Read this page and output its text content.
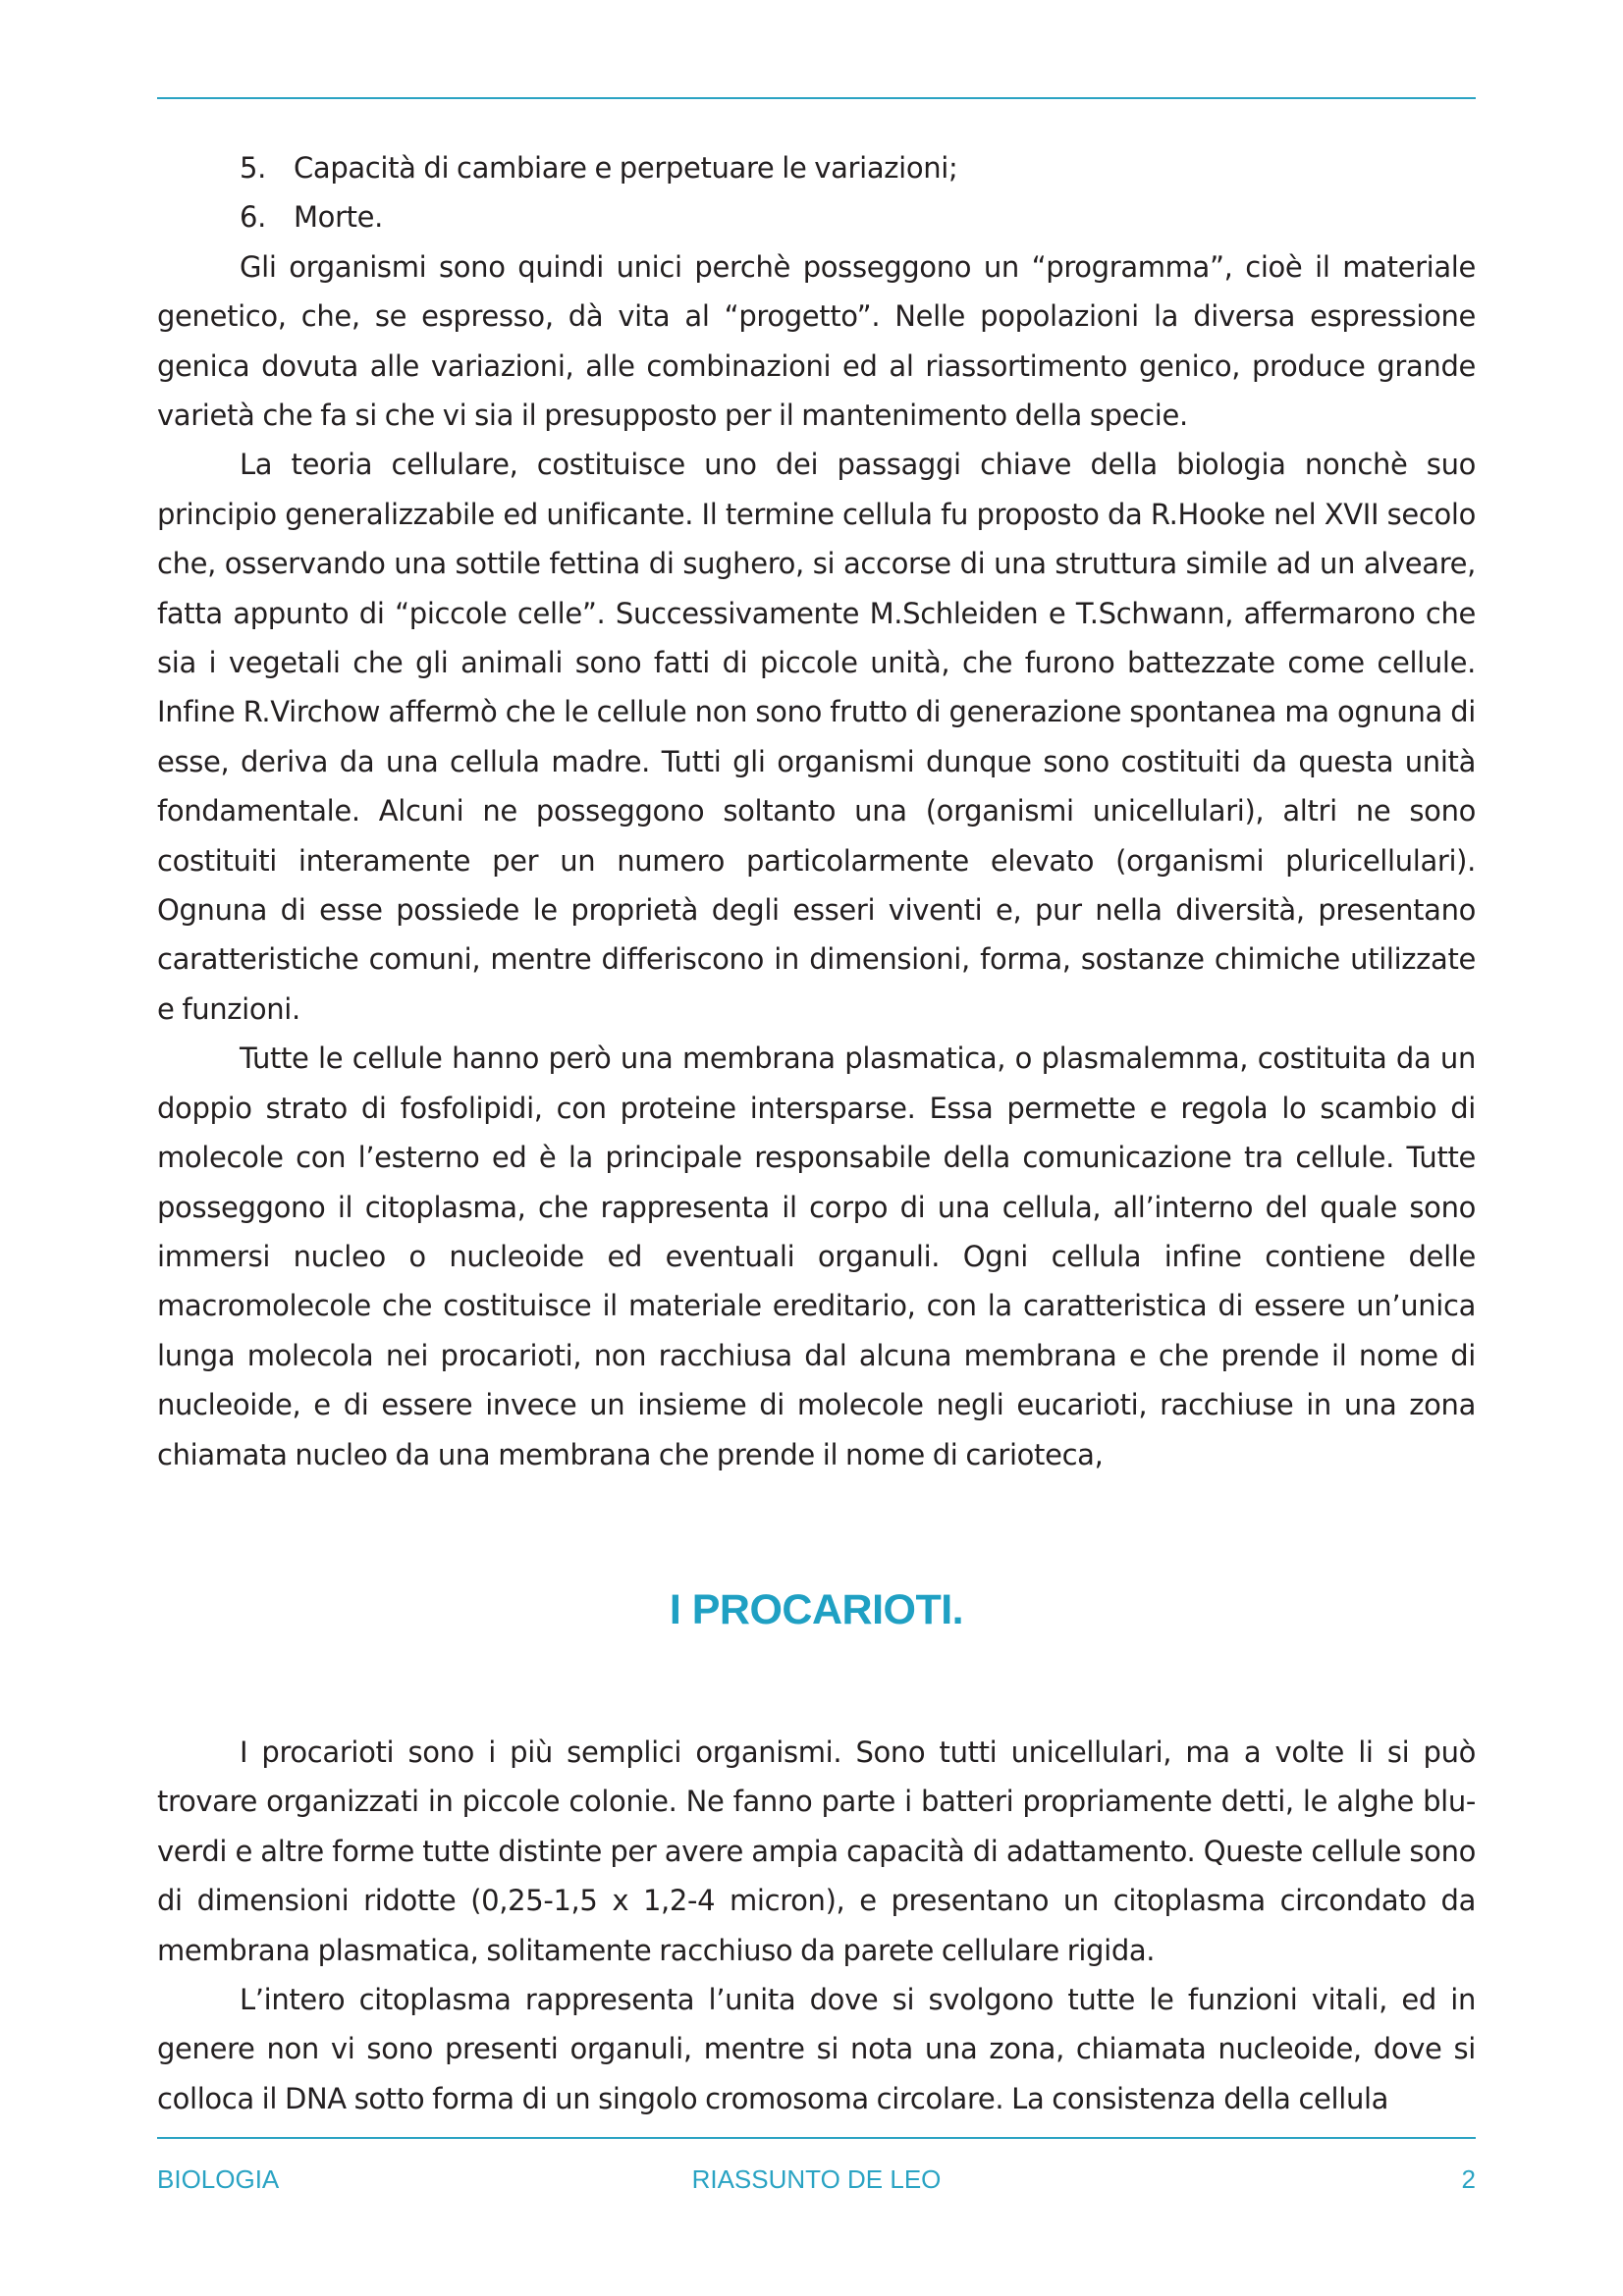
5. Capacità di cambiare e perpetuare le variazioni;
6. Morte.

Gli organismi sono quindi unici perchè posseggono un “programma”, cioè il materiale genetico, che, se espresso, dà vita al “progetto”. Nelle popolazioni la diversa espressione genica dovuta alle variazioni, alle combinazioni ed al riassortimento genico, produce grande varietà che fa si che vi sia il presupposto per il mantenimento della specie.

La teoria cellulare, costituisce uno dei passaggi chiave della biologia nonchè suo principio generalizzabile ed unificante. Il termine cellula fu proposto da R.Hooke nel XVII secolo che, osservando una sottile fettina di sughero, si accorse di una struttura simile ad un alveare, fatta appunto di “piccole celle”. Successivamente M.Schleiden e T.Schwann, affermarono che sia i vegetali che gli animali sono fatti di piccole unità, che furono battezzate come cellule. Infine R.Virchow affermò che le cellule non sono frutto di generazione spontanea ma ognuna di esse, deriva da una cellula madre. Tutti gli organismi dunque sono costituiti da questa unità fondamentale. Alcuni ne posseggono soltanto una (organismi unicellulari), altri ne sono costituiti interamente per un numero particolarmente elevato (organismi pluricellulari). Ognuna di esse possiede le proprietà degli esseri viventi e, pur nella diversità, presentano caratteristiche comuni, mentre differiscono in dimensioni, forma, sostanze chimiche utilizzate e funzioni.

Tutte le cellule hanno però una membrana plasmatica, o plasmalemma, costituita da un doppio strato di fosfolipidi, con proteine intersparse. Essa permette e regola lo scambio di molecole con l’esterno ed è la principale responsabile della comunicazione tra cellule. Tutte posseggono il citoplasma, che rappresenta il corpo di una cellula, all’interno del quale sono immersi nucleo o nucleoide ed eventuali organuli. Ogni cellula infine contiene delle macromolecole che costituisce il materiale ereditario, con la caratteristica di essere un’unica lunga molecola nei procarioti, non racchiusa dal alcuna membrana e che prende il nome di nucleoide, e di essere invece un insieme di molecole negli eucarioti, racchiuse in una zona chiamata nucleo da una membrana che prende il nome di carioteca,

I PROCARIOTI.

I procarioti sono i più semplici organismi. Sono tutti unicellulari, ma a volte li si può trovare organizzati in piccole colonie. Ne fanno parte i batteri propriamente detti, le alghe blu-verdi e altre forme tutte distinte per avere ampia capacità di adattamento. Queste cellule sono di dimensioni ridotte (0,25-1,5 x 1,2-4 micron), e presentano un citoplasma circondato da membrana plasmatica, solitamente racchiuso da parete cellulare rigida.

L’intero citoplasma rappresenta l’unita dove si svolgono tutte le funzioni vitali, ed in genere non vi sono presenti organuli, mentre si nota una zona, chiamata nucleoide, dove si colloca il DNA sotto forma di un singolo cromosoma circolare. La consistenza della cellula

BIOLOGIA	RIASSUNTO DE LEO	2
